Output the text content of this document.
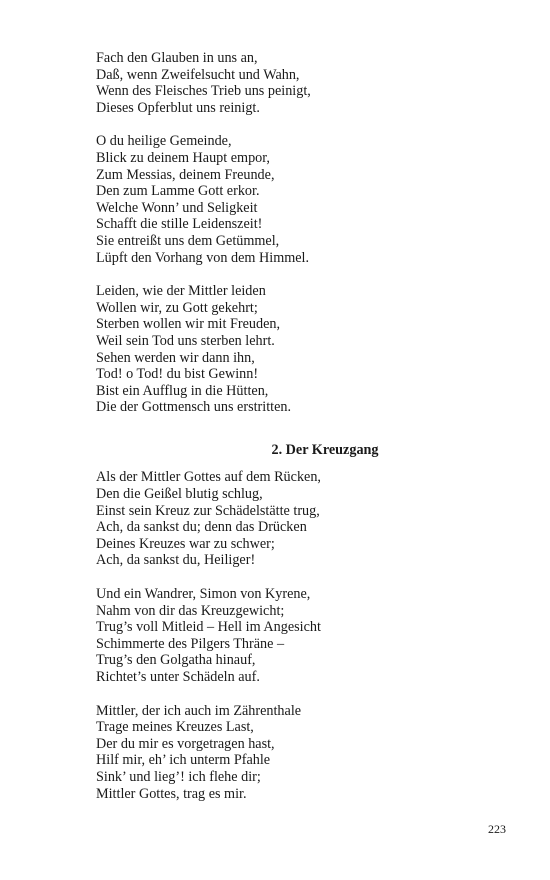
Fach den Glauben in uns an,
Daß, wenn Zweifelsucht und Wahn,
Wenn des Fleisches Trieb uns peinigt,
Dieses Opferblut uns reinigt.
O du heilige Gemeinde,
Blick zu deinem Haupt empor,
Zum Messias, deinem Freunde,
Den zum Lamme Gott erkor.
Welche Wonn’ und Seligkeit
Schafft die stille Leidenszeit!
Sie entreißt uns dem Getümmel,
Lüpft den Vorhang von dem Himmel.
Leiden, wie der Mittler leiden
Wollen wir, zu Gott gekehrt;
Sterben wollen wir mit Freuden,
Weil sein Tod uns sterben lehrt.
Sehen werden wir dann ihn,
Tod! o Tod! du bist Gewinn!
Bist ein Aufflug in die Hütten,
Die der Gottmensch uns erstritten.
2. Der Kreuzgang
Als der Mittler Gottes auf dem Rücken,
Den die Geißel blutig schlug,
Einst sein Kreuz zur Schädelstätte trug,
Ach, da sankst du; denn das Drücken
Deines Kreuzes war zu schwer;
Ach, da sankst du, Heiliger!
Und ein Wandrer, Simon von Kyrene,
Nahm von dir das Kreuzgewicht;
Trug’s voll Mitleid – Hell im Angesicht
Schimmerte des Pilgers Thräne –
Trug’s den Golgatha hinauf,
Richtet’s unter Schädeln auf.
Mittler, der ich auch im Zährenthale
Trage meines Kreuzes Last,
Der du mir es vorgetragen hast,
Hilf mir, eh’ ich unterm Pfahle
Sink’ und lieg’! ich flehe dir;
Mittler Gottes, trag es mir.
223
